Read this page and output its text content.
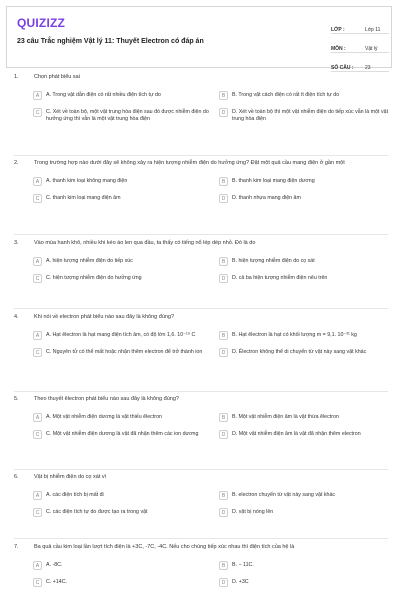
QUIZIZZ
23 câu Trắc nghiệm Vật lý 11: Thuyết Electron có đáp án
LỚP :	Lớp 11
MÔN :	Vật lý
SỐ CÂU :	23
1.	Chọn phát biểu sai
A	A. Trong vật dẫn điện có rất nhiều điện tích tự do	B	B. Trong vật cách điện có rất ít điện tích tự do
C	C. Xét về toàn bộ, một vật trung hòa điện sau đó được nhiễm điện do hưởng ứng thì vẫn là một vật trung hòa điện
D	D. Xét về toàn bộ thì một vật nhiễm điện do tiếp xúc vẫn là một vật trung hòa điện
2.	Trong trường hợp nào dưới đây sẽ không xảy ra hiện tượng nhiễm điện do hưởng ứng? Đặt một quả cầu mang điện ở gần một
A	A. thanh kim loại không mang điện	B	B. thanh kim loại mang điện dương
C	C. thanh kim loại mang điện âm	D	D. thanh nhựa mang điện âm
3.	Vào mùa hanh khô, nhiều khi kéo áo len qua đầu, ta thấy có tiếng nổ lép dép nhỏ. Đó là do
A	A. hiện tượng nhiễm điện do tiếp xúc	B	B. hiện tượng nhiễm điện do cọ xát
C	C. hiện tượng nhiễm điện do hưởng ứng	D	D. cả ba hiện tượng nhiễm điện nêu trên
4.	Khi nói về electron phát biểu nào sau đây là không đúng?
A	A. Hạt êlectron là hạt mang điện tích âm, có độ lớn 1,6. 10⁻¹⁹ C	B	B. Hạt êlectron là hạt có khối lượng m = 9,1. 10⁻³¹ kg
C	C. Nguyên tử có thể mất hoặc nhận thêm electron để trở thành ion	D	D. Êlectron không thể di chuyển từ vật này sang vật khác
5.	Theo thuyết êlectron phát biểu nào sau đây là không đúng?
A	A. Một vật nhiễm điện dương là vật thiếu êlectron	B	B. Một vật nhiễm điện âm là vật thừa êlectron
C	C. Một vật nhiễm điện dương là vật đã nhận thêm các ion dương	D	D. Một vật nhiễm điện âm là vật đã nhận thêm electron
6.	Vật bị nhiễm điện do cọ xát vì
A	A. các điện tích bị mất đi	B	B. electron chuyển từ vật này sang vật khác
C	C. các điện tích tự do được tạo ra trong vật	D	D. vật bị nóng lên
7.	Ba quả cầu kim loại lần lượt tích điện là +3C, -7C, -4C. Nếu cho chúng tiếp xúc nhau thì điện tích của hệ là
A	A. -8C.	B	B. − 11C.
C	C. +14C.	D	D. +3C
